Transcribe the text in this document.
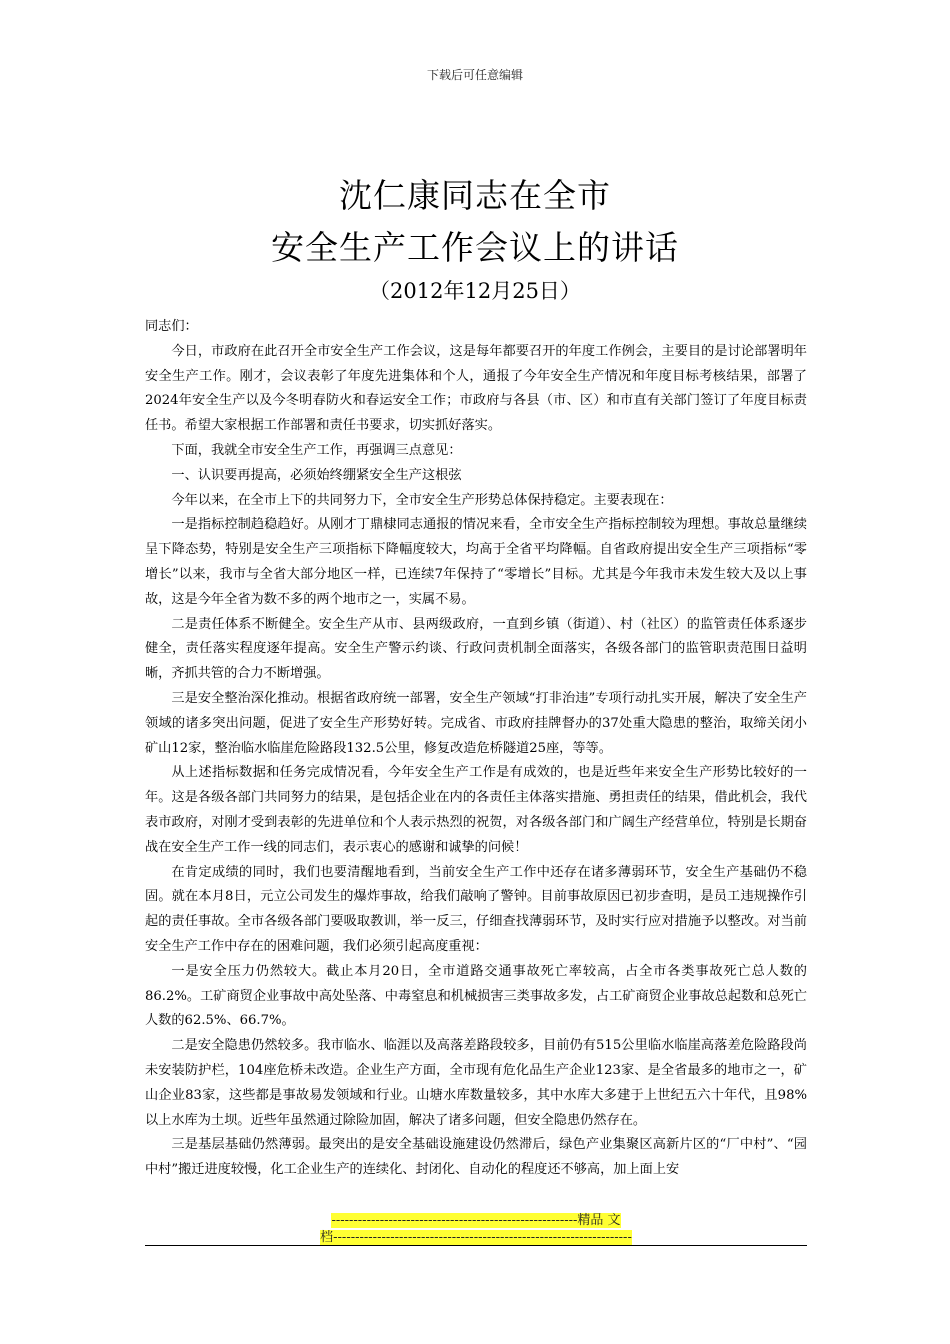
下载后可任意编辑
沈仁康同志在全市
安全生产工作会议上的讲话
（2012年12月25日）

同志们：

今日，市政府在此召开全市安全生产工作会议，这是每年都要召开的年度工作例会，主要目的是讨论部署明年安全生产工作。刚才，会议表彰了年度先进集体和个人，通报了今年安全生产情况和年度目标考核结果，部署了2024年安全生产以及今冬明春防火和春运安全工作；市政府与各县（市、区）和市直有关部门签订了年度目标责任书。希望大家根据工作部署和责任书要求，切实抓好落实。

下面，我就全市安全生产工作，再强调三点意见：

一、认识要再提高，必须始终绷紧安全生产这根弦

今年以来，在全市上下的共同努力下，全市安全生产形势总体保持稳定。主要表现在：

一是指标控制趋稳趋好。从刚才丁鼎棣同志通报的情况来看，全市安全生产指标控制较为理想。事故总量继续呈下降态势，特别是安全生产三项指标下降幅度较大，均高于全省平均降幅。自省政府提出安全生产三项指标“零增长”以来，我市与全省大部分地区一样，已连续7年保持了“零增长”目标。尤其是今年我市未发生较大及以上事故，这是今年全省为数不多的两个地市之一，实属不易。

二是责任体系不断健全。安全生产从市、县两级政府，一直到乡镇（街道）、村（社区）的监管责任体系逐步健全，责任落实程度逐年提高。安全生产警示约谈、行政问责机制全面落实，各级各部门的监管职责范围日益明晰，齐抓共管的合力不断增强。

三是安全整治深化推动。根据省政府统一部署，安全生产领域“打非治违”专项行动扎实开展，解决了安全生产领域的诸多突出问题，促进了安全生产形势好转。完成省、市政府挂牌督办的37处重大隐患的整治，取缔关闭小矿山12家，整治临水临崖危险路段132.5公里，修复改造危桥隧道25座，等等。

从上述指标数据和任务完成情况看，今年安全生产工作是有成效的，也是近些年来安全生产形势比较好的一年。这是各级各部门共同努力的结果，是包括企业在内的各责任主体落实措施、勇担责任的结果，借此机会，我代表市政府，对刚才受到表彰的先进单位和个人表示热烈的祝贺，对各级各部门和广阔生产经营单位，特别是长期奋战在安全生产工作一线的同志们，表示衷心的感谢和诚挚的问候！

在肯定成绩的同时，我们也要清醒地看到，当前安全生产工作中还存在诸多薄弱环节，安全生产基础仍不稳固。就在本月8日，元立公司发生的爆炸事故，给我们敲响了警钟。目前事故原因已初步查明，是员工违规操作引起的责任事故。全市各级各部门要吸取教训，举一反三，仔细查找薄弱环节，及时实行应对措施予以整改。对当前安全生产工作中存在的困难问题，我们必须引起高度重视：

一是安全压力仍然较大。截止本月20日，全市道路交通事故死亡率较高，占全市各类事故死亡总人数的86.2%。工矿商贸企业事故中高处坠落、中毒窒息和机械损害三类事故多发，占工矿商贸企业事故总起数和总死亡人数的62.5%、66.7%。

二是安全隐患仍然较多。我市临水、临涯以及高落差路段较多，目前仍有515公里临水临崖高落差危险路段尚未安装防护栏，104座危桥未改造。企业生产方面，全市现有危化品生产企业123家、是全省最多的地市之一，矿山企业83家，这些都是事故易发领域和行业。山塘水库数量较多，其中水库大多建于上世纪五六十年代，且98%以上水库为土坝。近些年虽然通过除险加固，解决了诸多问题，但安全隐患仍然存在。

三是基层基础仍然薄弱。最突出的是安全基础设施建设仍然滞后，绿色产业集聚区高新片区的“厂中村”、“园中村”搬迁进度较慢，化工企业生产的连续化、封闭化、自动化的程度还不够高，加上面上安

--------------------------------------------------------精品 文
档--------------------------------------------------------------------
